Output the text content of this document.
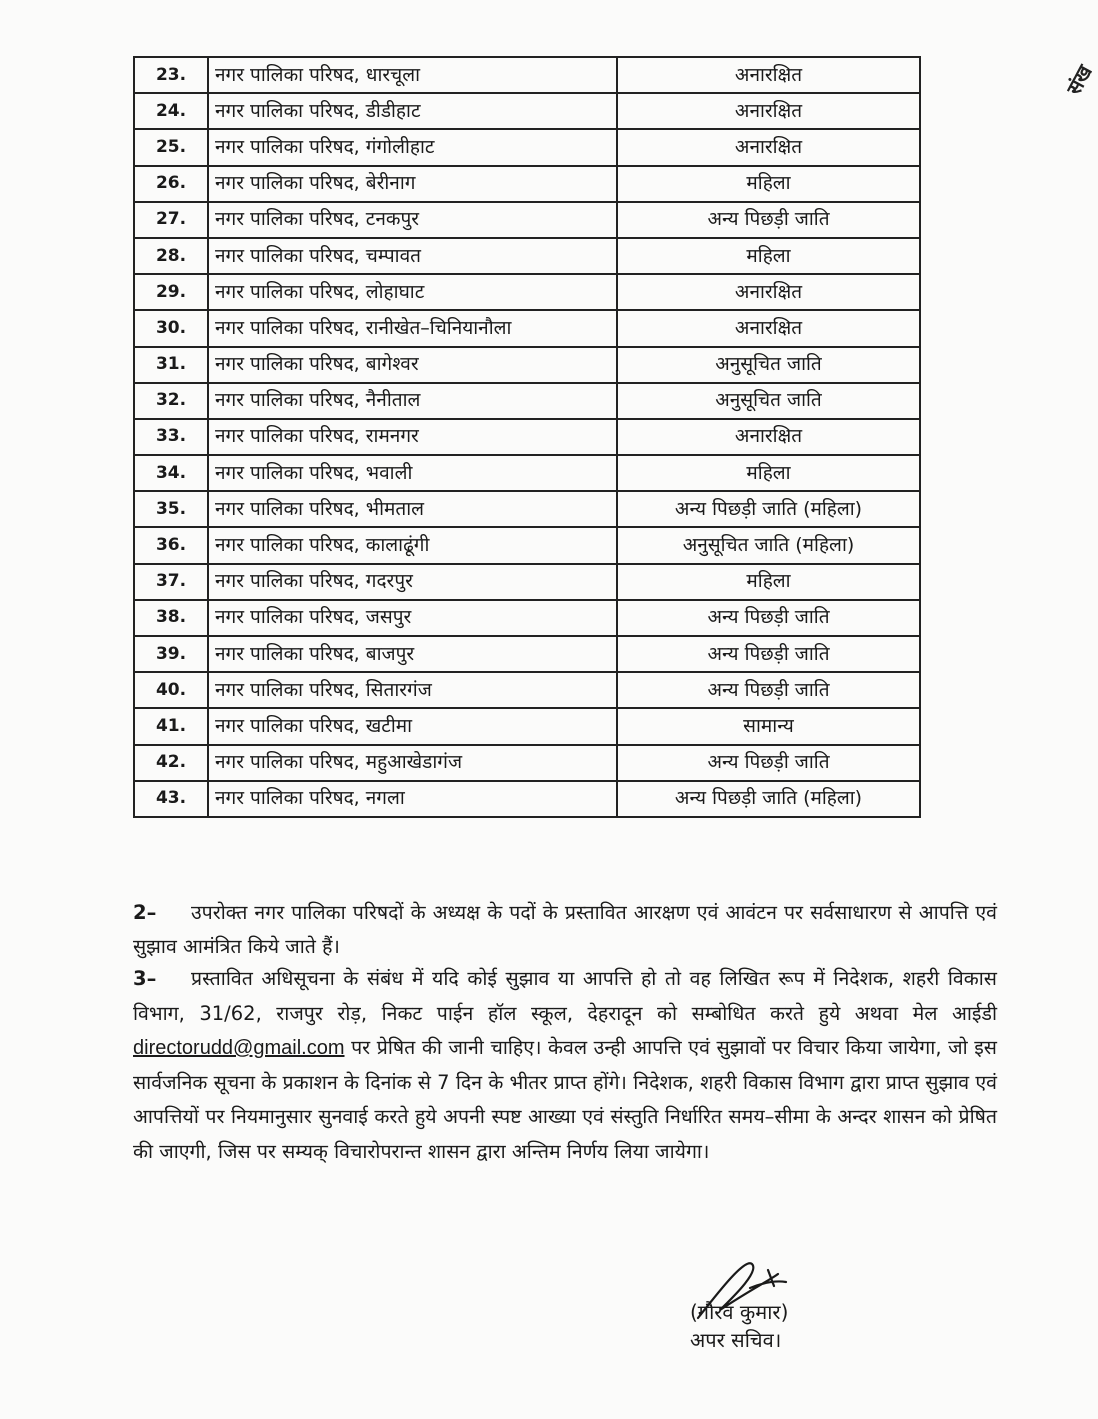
संख
23.	नगर पालिका परिषद, धारचूला	अनारक्षित
24.	नगर पालिका परिषद, डीडीहाट	अनारक्षित
25.	नगर पालिका परिषद, गंगोलीहाट	अनारक्षित
26.	नगर पालिका परिषद, बेरीनाग	महिला
27.	नगर पालिका परिषद, टनकपुर	अन्य पिछड़ी जाति
28.	नगर पालिका परिषद, चम्पावत	महिला
29.	नगर पालिका परिषद, लोहाघाट	अनारक्षित
30.	नगर पालिका परिषद, रानीखेत–चिनियानौला	अनारक्षित
31.	नगर पालिका परिषद, बागेश्वर	अनुसूचित जाति
32.	नगर पालिका परिषद, नैनीताल	अनुसूचित जाति
33.	नगर पालिका परिषद, रामनगर	अनारक्षित
34.	नगर पालिका परिषद, भवाली	महिला
35.	नगर पालिका परिषद, भीमताल	अन्य पिछड़ी जाति (महिला)
36.	नगर पालिका परिषद, कालाढूंगी	अनुसूचित जाति (महिला)
37.	नगर पालिका परिषद, गदरपुर	महिला
38.	नगर पालिका परिषद, जसपुर	अन्य पिछड़ी जाति
39.	नगर पालिका परिषद, बाजपुर	अन्य पिछड़ी जाति
40.	नगर पालिका परिषद, सितारगंज	अन्य पिछड़ी जाति
41.	नगर पालिका परिषद, खटीमा	सामान्य
42.	नगर पालिका परिषद, महुआखेडागंज	अन्य पिछड़ी जाति
43.	नगर पालिका परिषद, नगला	अन्य पिछड़ी जाति (महिला)
2– उपरोक्त नगर पालिका परिषदों के अध्यक्ष के पदों के प्रस्तावित आरक्षण एवं आवंटन पर सर्वसाधारण से आपत्ति एवं सुझाव आमंत्रित किये जाते हैं।
3– प्रस्तावित अधिसूचना के संबंध में यदि कोई सुझाव या आपत्ति हो तो वह लिखित रूप में निदेशक, शहरी विकास विभाग, 31/62, राजपुर रोड़, निकट पाईन हॉल स्कूल, देहरादून को सम्बोधित करते हुये अथवा मेल आईडी directorudd@gmail.com पर प्रेषित की जानी चाहिए। केवल उन्ही आपत्ति एवं सुझावों पर विचार किया जायेगा, जो इस सार्वजनिक सूचना के प्रकाशन के दिनांक से 7 दिन के भीतर प्राप्त होंगे। निदेशक, शहरी विकास विभाग द्वारा प्राप्त सुझाव एवं आपत्तियों पर नियमानुसार सुनवाई करते हुये अपनी स्पष्ट आख्या एवं संस्तुति निर्धारित समय–सीमा के अन्दर शासन को प्रेषित की जाएगी, जिस पर सम्यक् विचारोपरान्त शासन द्वारा अन्तिम निर्णय लिया जायेगा।
(गौरव कुमार)
अपर सचिव।
